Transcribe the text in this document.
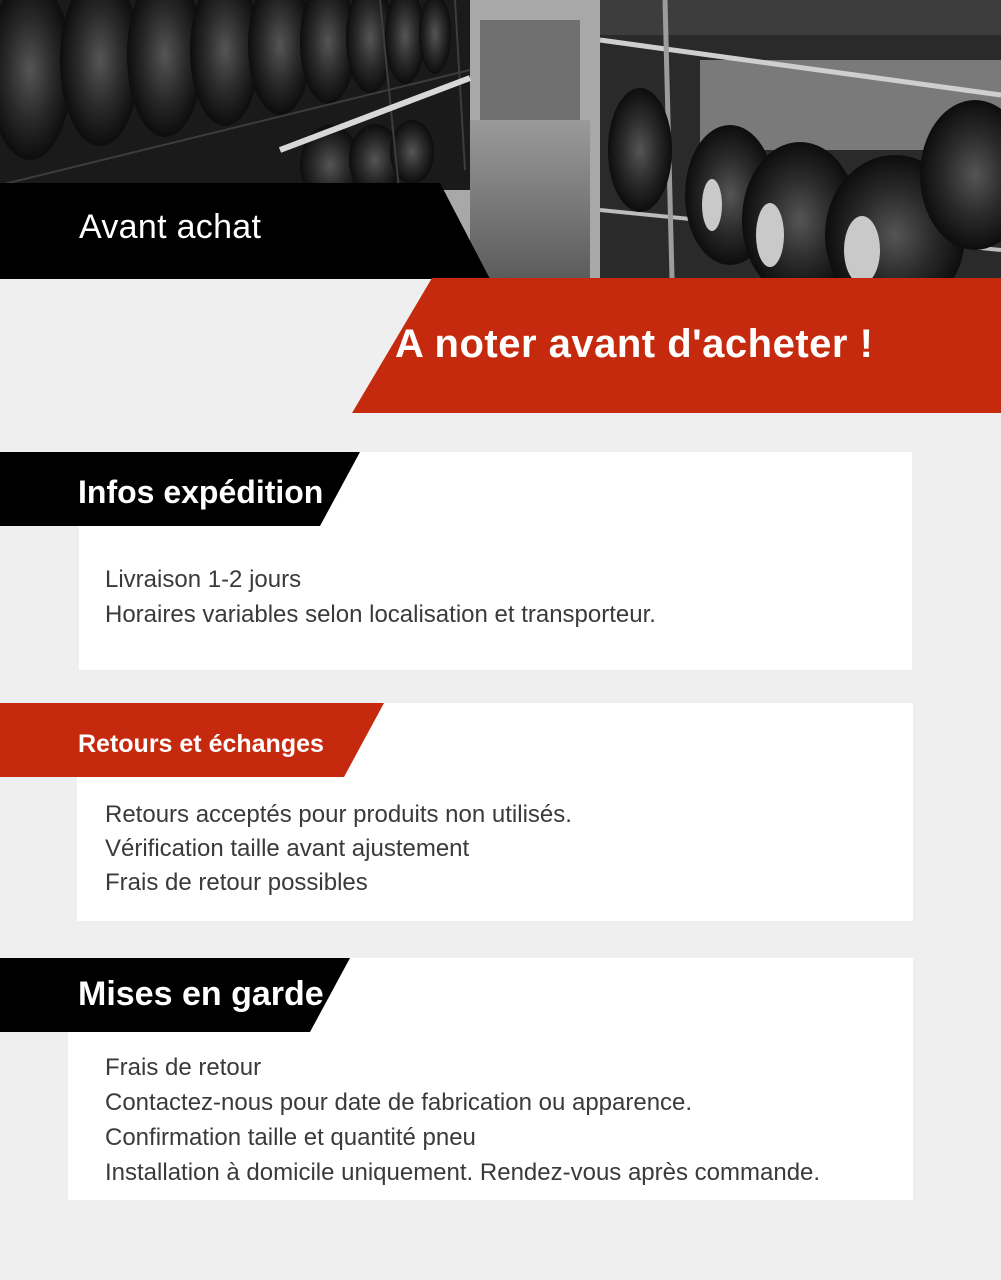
Avant achat
A noter avant d'acheter !
Infos expédition
Livraison 1-2 jours
Horaires variables selon localisation et transporteur.
Retours et échanges
Retours acceptés pour produits non utilisés.
Vérification taille avant ajustement
Frais de retour possibles
Mises en garde
Frais de retour
Contactez-nous pour date de fabrication ou apparence.
Confirmation taille et quantité pneu
Installation à domicile uniquement. Rendez-vous après commande.
